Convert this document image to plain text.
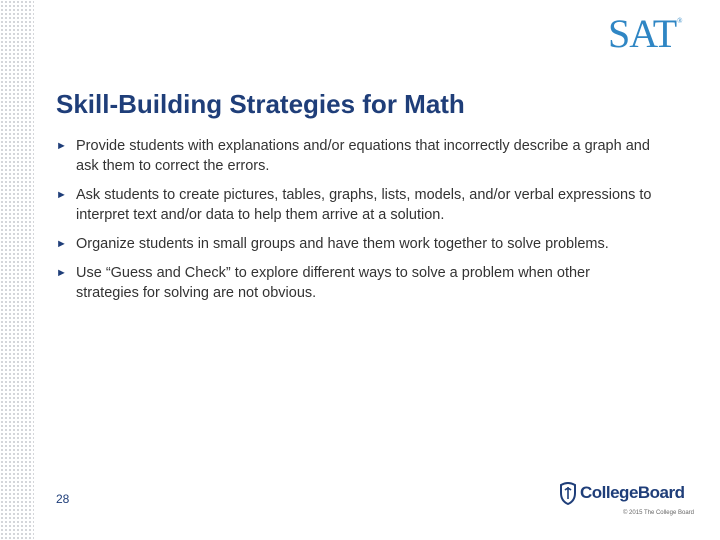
SAT®
Skill-Building Strategies for Math
► Provide students with explanations and/or equations that incorrectly describe a graph and ask them to correct the errors.
► Ask students to create pictures, tables, graphs, lists, models, and/or verbal expressions to interpret text and/or data to help them arrive at a solution.
► Organize students in small groups and have them work together to solve problems.
► Use “Guess and Check” to explore different ways to solve a problem when other strategies for solving are not obvious.
28	CollegeBoard
© 2015 The College Board
